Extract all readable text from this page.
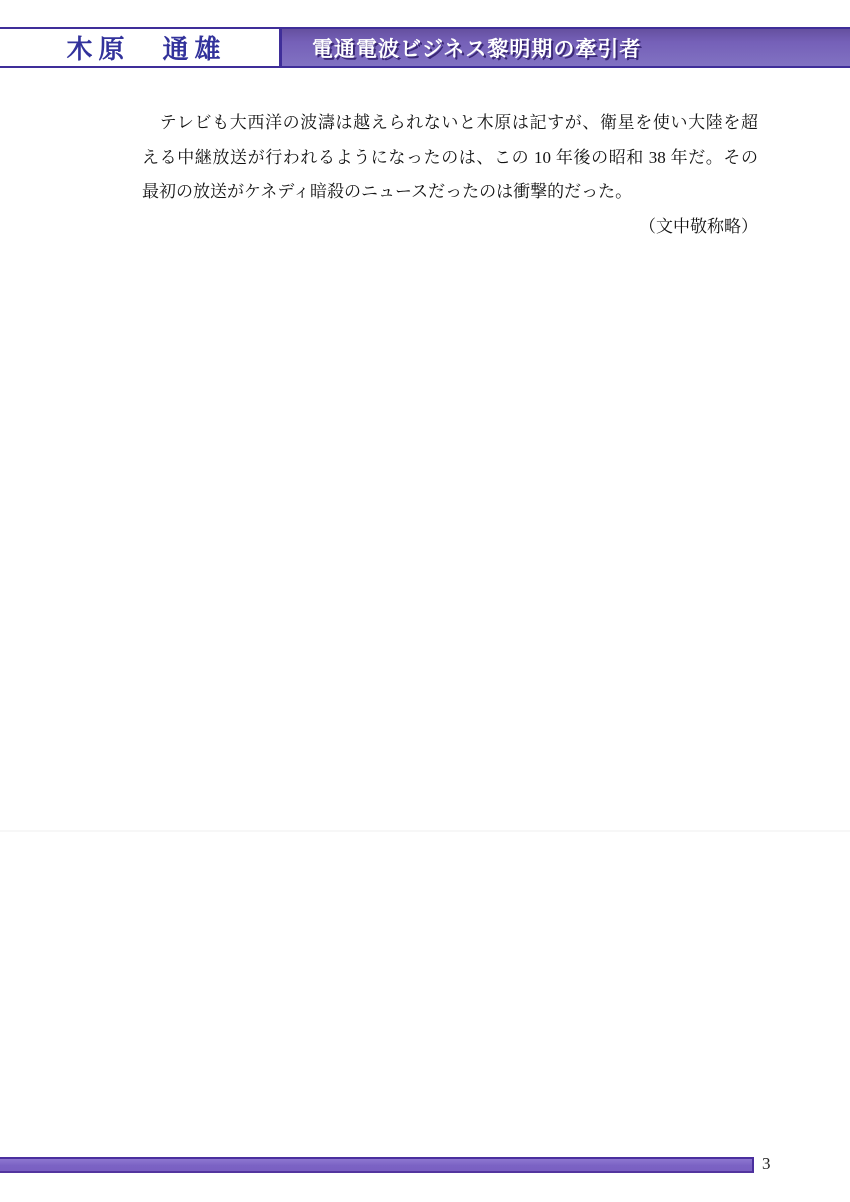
木原　通雄	電通電波ビジネス黎明期の牽引者
　テレビも大西洋の波濤は越えられないと木原は記すが、衛星を使い大陸を超
える中継放送が行われるようになったのは、この 10 年後の昭和 38 年だ。その
最初の放送がケネディ暗殺のニュースだったのは衝撃的だった。
（文中敬称略）
3
